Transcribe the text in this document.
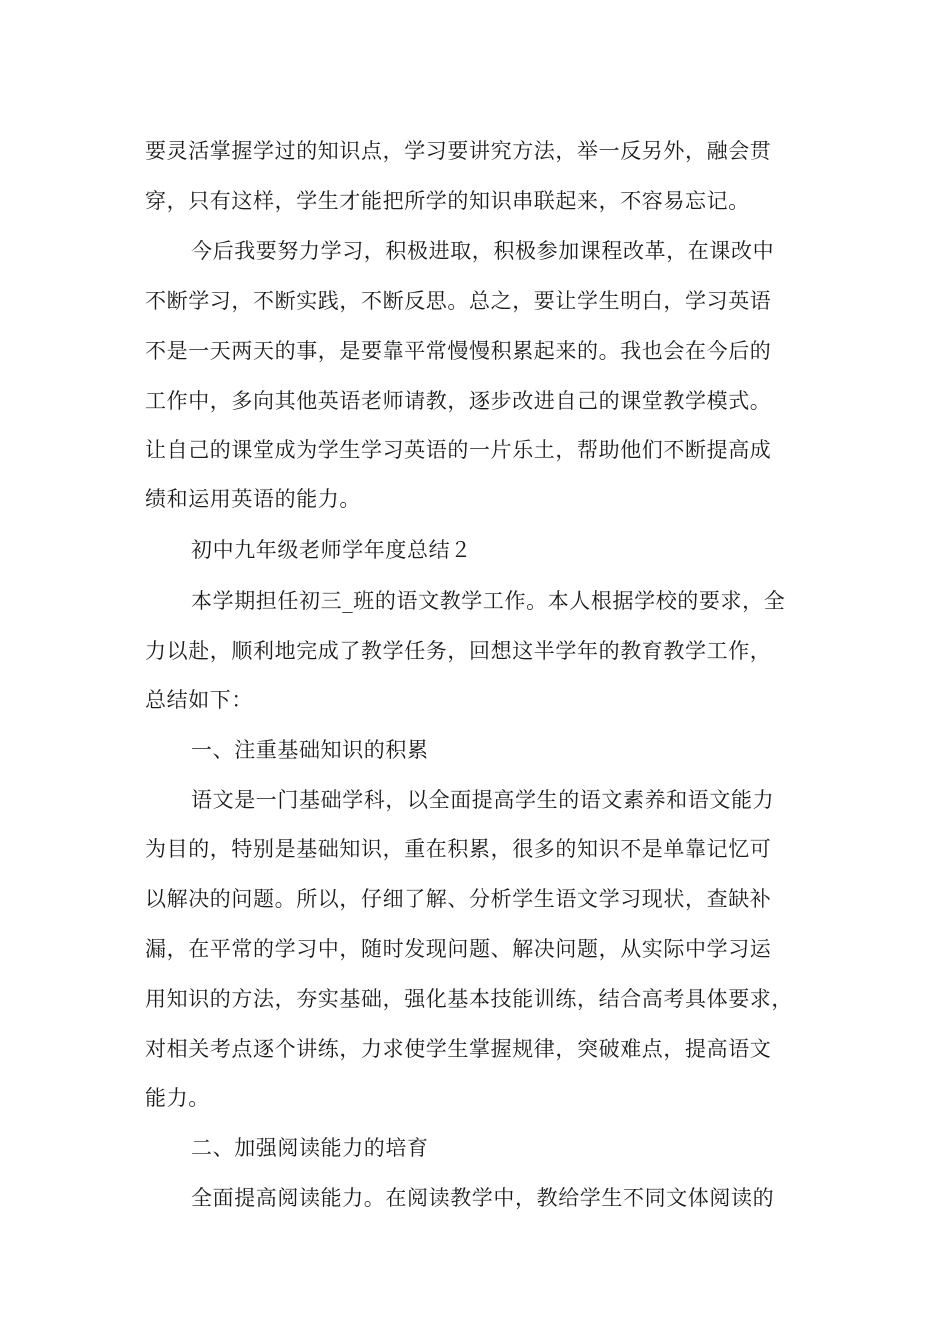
要灵活掌握学过的知识点，学习要讲究方法，举一反另外，融会贯
穿，只有这样，学生才能把所学的知识串联起来，不容易忘记。
今后我要努力学习，积极进取，积极参加课程改革，在课改中
不断学习，不断实践，不断反思。总之，要让学生明白，学习英语
不是一天两天的事，是要靠平常慢慢积累起来的。我也会在今后的
工作中，多向其他英语老师请教，逐步改进自己的课堂教学模式。
让自己的课堂成为学生学习英语的一片乐土，帮助他们不断提高成
绩和运用英语的能力。
初中九年级老师学年度总结２
本学期担任初三_班的语文教学工作。本人根据学校的要求，全
力以赴，顺利地完成了教学任务，回想这半学年的教育教学工作，
总结如下：
一、注重基础知识的积累
语文是一门基础学科，以全面提高学生的语文素养和语文能力
为目的，特别是基础知识，重在积累，很多的知识不是单靠记忆可
以解决的问题。所以，仔细了解、分析学生语文学习现状，查缺补
漏，在平常的学习中，随时发现问题、解决问题，从实际中学习运
用知识的方法，夯实基础，强化基本技能训练，结合高考具体要求，
对相关考点逐个讲练，力求使学生掌握规律，突破难点，提高语文
能力。
二、加强阅读能力的培育
全面提高阅读能力。在阅读教学中，教给学生不同文体阅读的
